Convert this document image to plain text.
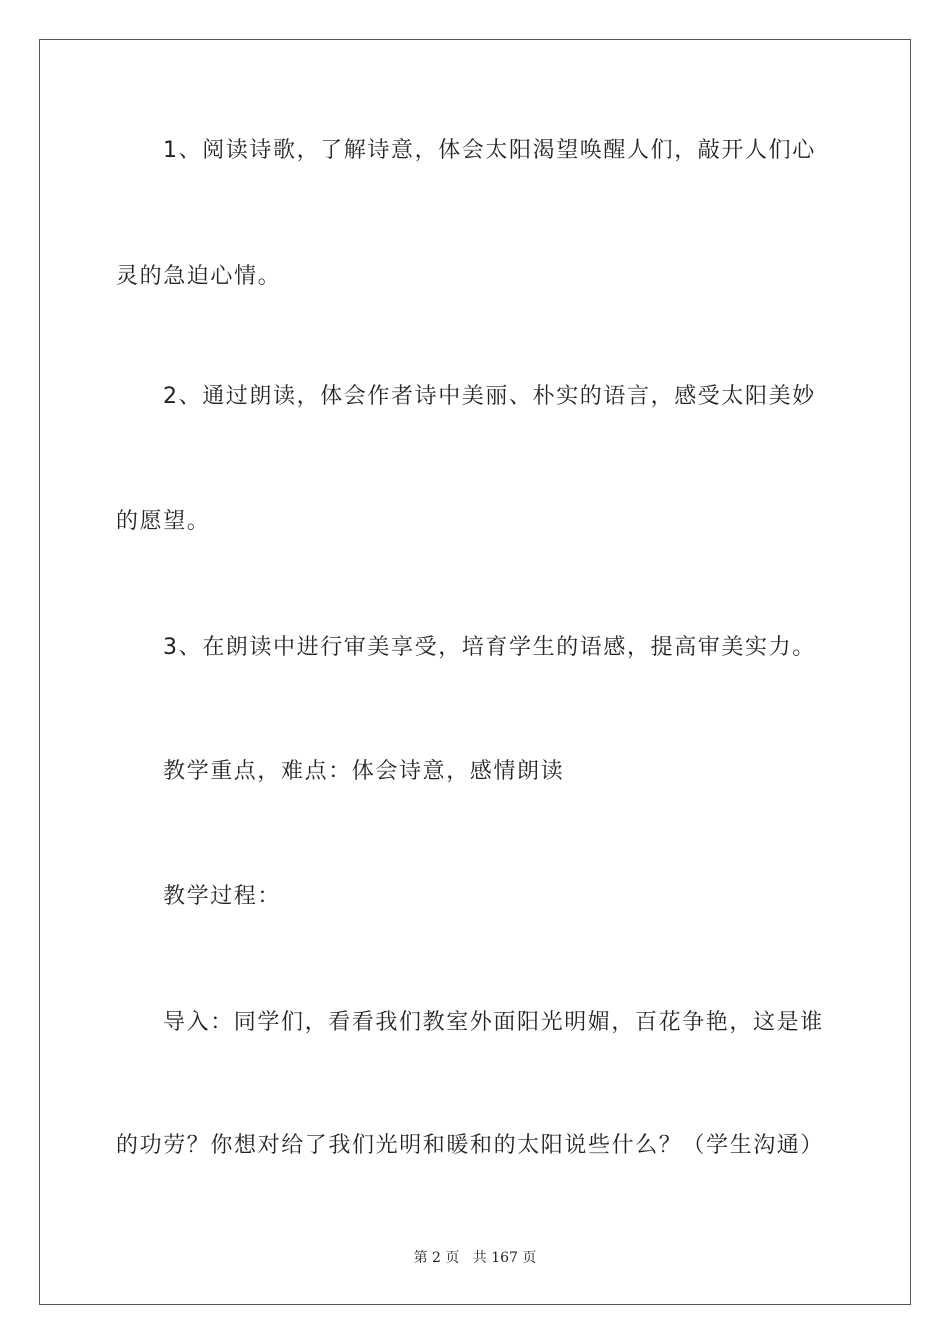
1、阅读诗歌，了解诗意，体会太阳渴望唤醒人们，敲开人们心
灵的急迫心情。
2、通过朗读，体会作者诗中美丽、朴实的语言，感受太阳美妙
的愿望。
3、在朗读中进行审美享受，培育学生的语感，提高审美实力。
教学重点，难点：体会诗意，感情朗读
教学过程：
导入：同学们，看看我们教室外面阳光明媚，百花争艳，这是谁
的功劳？你想对给了我们光明和暖和的太阳说些什么？（学生沟通）
第 2 页 共 167 页
